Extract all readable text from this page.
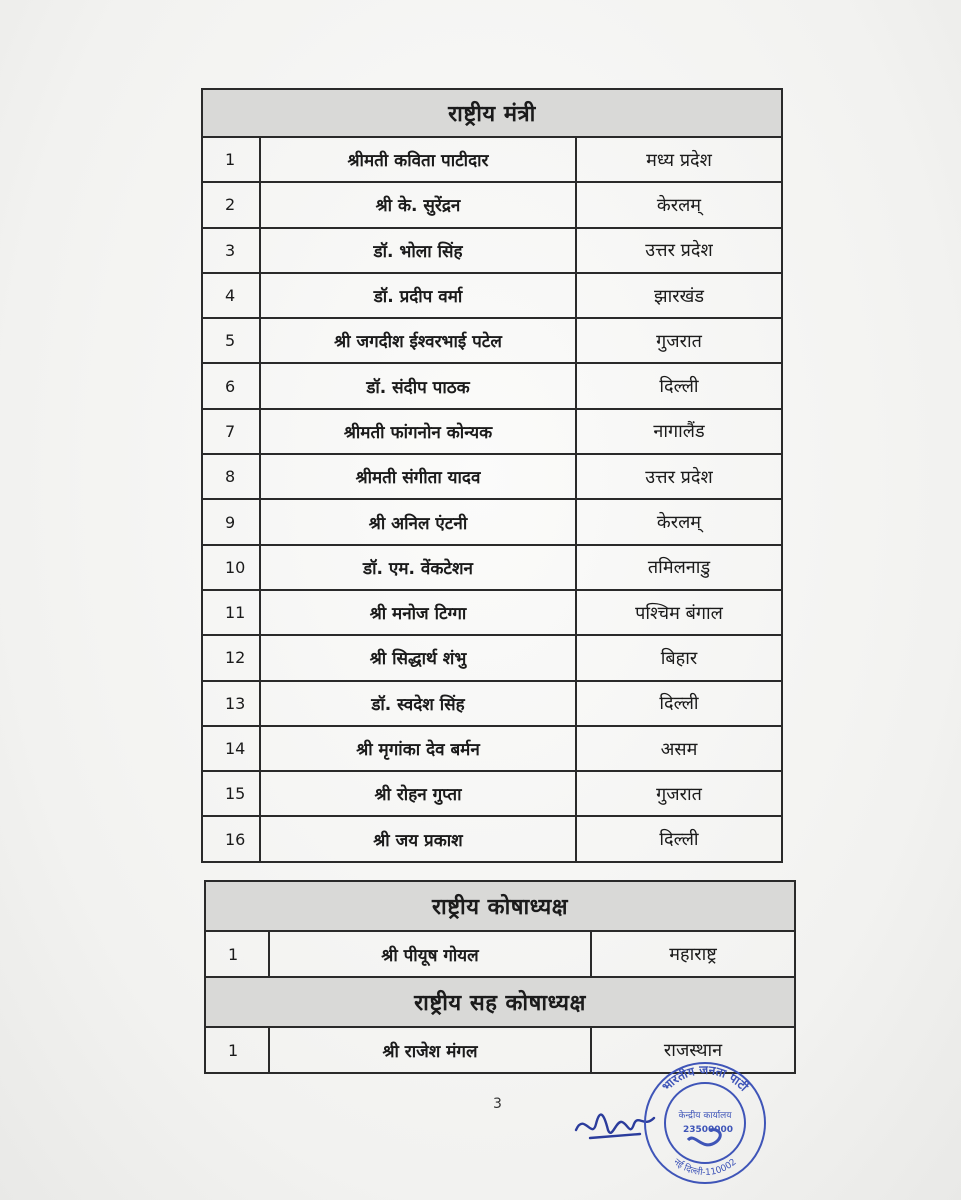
राष्ट्रीय मंत्री		
1	श्रीमती कविता पाटीदार	मध्य प्रदेश
2	श्री के. सुरेंद्रन	केरलम्
3	डॉ. भोला सिंह	उत्तर प्रदेश
4	डॉ. प्रदीप वर्मा	झारखंड
5	श्री जगदीश ईश्वरभाई पटेल	गुजरात
6	डॉ. संदीप पाठक	दिल्ली
7	श्रीमती फांगनोन कोन्यक	नागालैंड
8	श्रीमती संगीता यादव	उत्तर प्रदेश
9	श्री अनिल एंटनी	केरलम्
10	डॉ. एम. वेंकटेशन	तमिलनाडु
11	श्री मनोज टिग्गा	पश्चिम बंगाल
12	श्री सिद्धार्थ शंभु	बिहार
13	डॉ. स्वदेश सिंह	दिल्ली
14	श्री मृगांका देव बर्मन	असम
15	श्री रोहन गुप्ता	गुजरात
16	श्री जय प्रकाश	दिल्ली
राष्ट्रीय कोषाध्यक्ष		
1	श्री पीयूष गोयल	महाराष्ट्र
राष्ट्रीय सह कोषाध्यक्ष		
1	श्री राजेश मंगल	राजस्थान
3
भारतीय जनता पार्टी
नई दिल्ली-110002
केन्द्रीय कार्यालय
23500000
